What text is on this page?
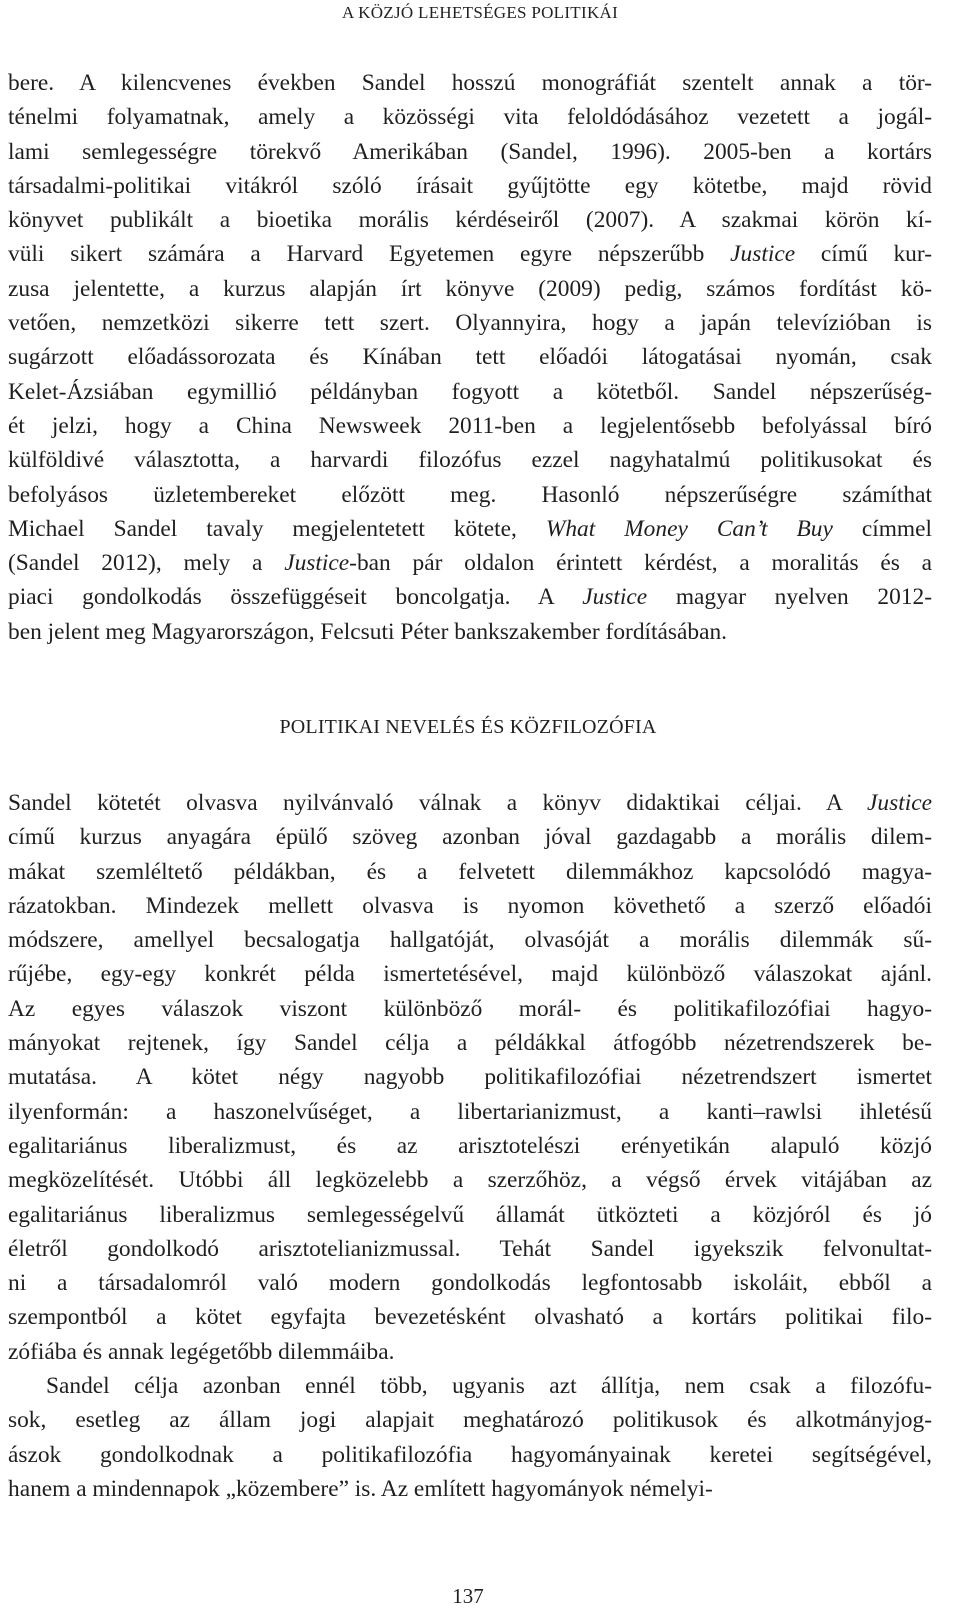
A KÖZJÓ LEHETSÉGES POLITIKÁI
bere. A kilencvenes években Sandel hosszú monográfiát szentelt annak a tör-
ténelmi folyamatnak, amely a közösségi vita feloldódásához vezetett a jogál-
lami semlegességre törekvő Amerikában (Sandel, 1996). 2005-ben a kortárs
társadalmi-politikai vitákról szóló írásait gyűjtötte egy kötetbe, majd rövid
könyvet publikált a bioetika morális kérdéseiről (2007). A szakmai körön kí-
vüli sikert számára a Harvard Egyetemen egyre népszerűbb Justice című kur-
zusa jelentette, a kurzus alapján írt könyve (2009) pedig, számos fordítást kö-
vetően, nemzetközi sikerre tett szert. Olyannyira, hogy a japán televízióban is
sugárzott előadássorozata és Kínában tett előadói látogatásai nyomán, csak
Kelet-Ázsiában egymillió példányban fogyott a kötetből. Sandel népszerűség-
ét jelzi, hogy a China Newsweek 2011-ben a legjelentősebb befolyással bíró
külföldivé választotta, a harvardi filozófus ezzel nagyhatalmú politikusokat és
befolyásos üzletembereket előzött meg. Hasonló népszerűségre számíthat
Michael Sandel tavaly megjelentetett kötete, What Money Can’t Buy címmel
(Sandel 2012), mely a Justice-ban pár oldalon érintett kérdést, a moralitás és a
piaci gondolkodás összefüggéseit boncolgatja. A Justice magyar nyelven 2012-
ben jelent meg Magyarországon, Felcsuti Péter bankszakember fordításában.
POLITIKAI NEVELÉS ÉS KÖZFILOZÓFIA
Sandel kötetét olvasva nyilvánvaló válnak a könyv didaktikai céljai. A Justice
című kurzus anyagára épülő szöveg azonban jóval gazdagabb a morális dilem-
mákat szemléltető példákban, és a felvetett dilemmákhoz kapcsolódó magya-
rázatokban. Mindezek mellett olvasva is nyomon követhető a szerző előadói
módszere, amellyel becsalogatja hallgatóját, olvasóját a morális dilemmák sű-
rűjébe, egy-egy konkrét példa ismertetésével, majd különböző válaszokat ajánl.
Az egyes válaszok viszont különböző morál- és politikafilozófiai hagyo-
mányokat rejtenek, így Sandel célja a példákkal átfogóbb nézetrendszerek be-
mutatása. A kötet négy nagyobb politikafilozófiai nézetrendszert ismertet
ilyenformán: a haszonelvűséget, a libertarianizmust, a kanti–rawlsi ihletésű
egalitariánus liberalizmust, és az arisztotelészi erényetikán alapuló közjó
megközelítését. Utóbbi áll legközelebb a szerzőhöz, a végső érvek vitájában az
egalitariánus liberalizmus semlegességelvű államát ütközteti a közjóról és jó
életről gondolkodó arisztotelianizmussal. Tehát Sandel igyekszik felvonultat-
ni a társadalomról való modern gondolkodás legfontosabb iskoláit, ebből a
szempontból a kötet egyfajta bevezetésként olvasható a kortárs politikai filo-
zófiába és annak legégetőbb dilemmáiba.
Sandel célja azonban ennél több, ugyanis azt állítja, nem csak a filozófu-
sok, esetleg az állam jogi alapjait meghatározó politikusok és alkotmányjog-
ászok gondolkodnak a politikafilozófia hagyományainak keretei segítségével,
hanem a mindennapok „közembere” is. Az említett hagyományok némelyi-
137
